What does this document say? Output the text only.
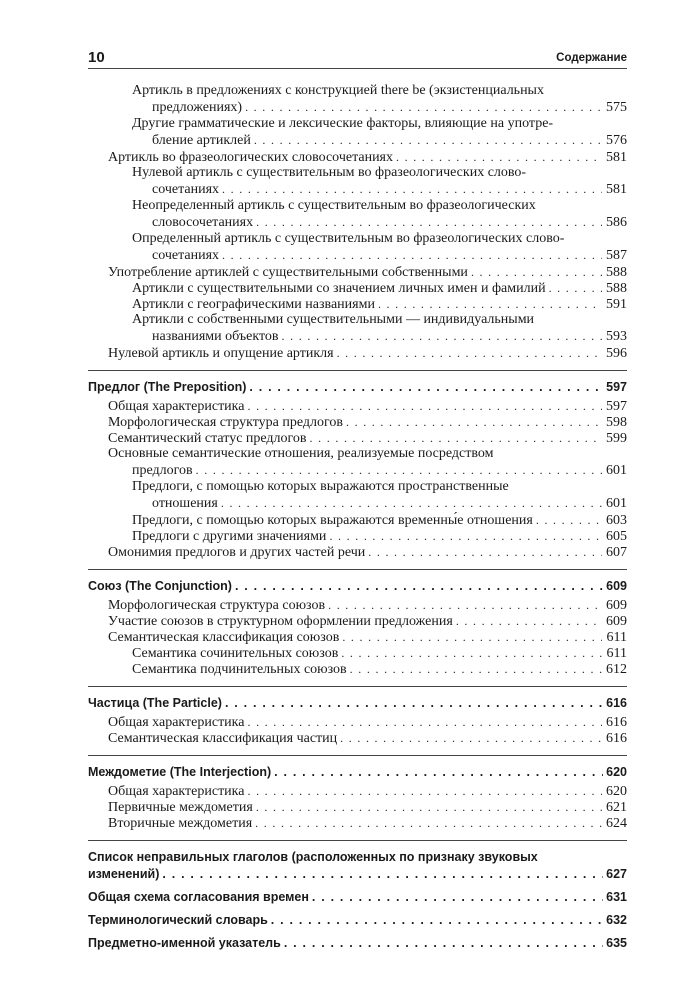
10	Содержание
Артикль в предложениях с конструкцией there be (экзистенциальных
предложениях) . . .	575
Другие грамматические и лексические факторы, влияющие на употре-
бление артиклей . . .	576
Артикль во фразеологических словосочетаниях . . .	581
Нулевой артикль с существительным во фразеологических слово-
сочетаниях . . .	581
Неопределенный артикль с существительным во фразеологических
словосочетаниях . . .	586
Определенный артикль с существительным во фразеологических слово-
сочетаниях . . .	587
Употребление артиклей с существительными собственными . . .	588
Артикли с существительными со значением личных имен и фамилий . . .	588
Артикли с географическими названиями . . .	591
Артикли с собственными существительными — индивидуальными
названиями объектов . . .	593
Нулевой артикль и опущение артикля . . .	596
Предлог (The Preposition) . . .	597
Общая характеристика . . .	597
Морфологическая структура предлогов . . .	598
Семантический статус предлогов . . .	599
Основные семантические отношения, реализуемые посредством
предлогов . . .	601
Предлоги, с помощью которых выражаются пространственные
отношения . . .	601
Предлоги, с помощью которых выражаются временны́е отношения . . .	603
Предлоги с другими значениями . . .	605
Омонимия предлогов и других частей речи . . .	607
Союз (The Conjunction) . . .	609
Морфологическая структура союзов . . .	609
Участие союзов в структурном оформлении предложения . . .	609
Семантическая классификация союзов . . .	611
Семантика сочинительных союзов . . .	611
Семантика подчинительных союзов . . .	612
Частица (The Particle) . . .	616
Общая характеристика . . .	616
Семантическая классификация частиц . . .	616
Междометие (The Interjection) . . .	620
Общая характеристика . . .	620
Первичные междометия . . .	621
Вторичные междометия . . .	624
Список неправильных глаголов (расположенных по признаку звуковых
изменений) . . .	627
Общая схема согласования времен . . .	631
Терминологический словарь . . .	632
Предметно-именной указатель . . .	635
